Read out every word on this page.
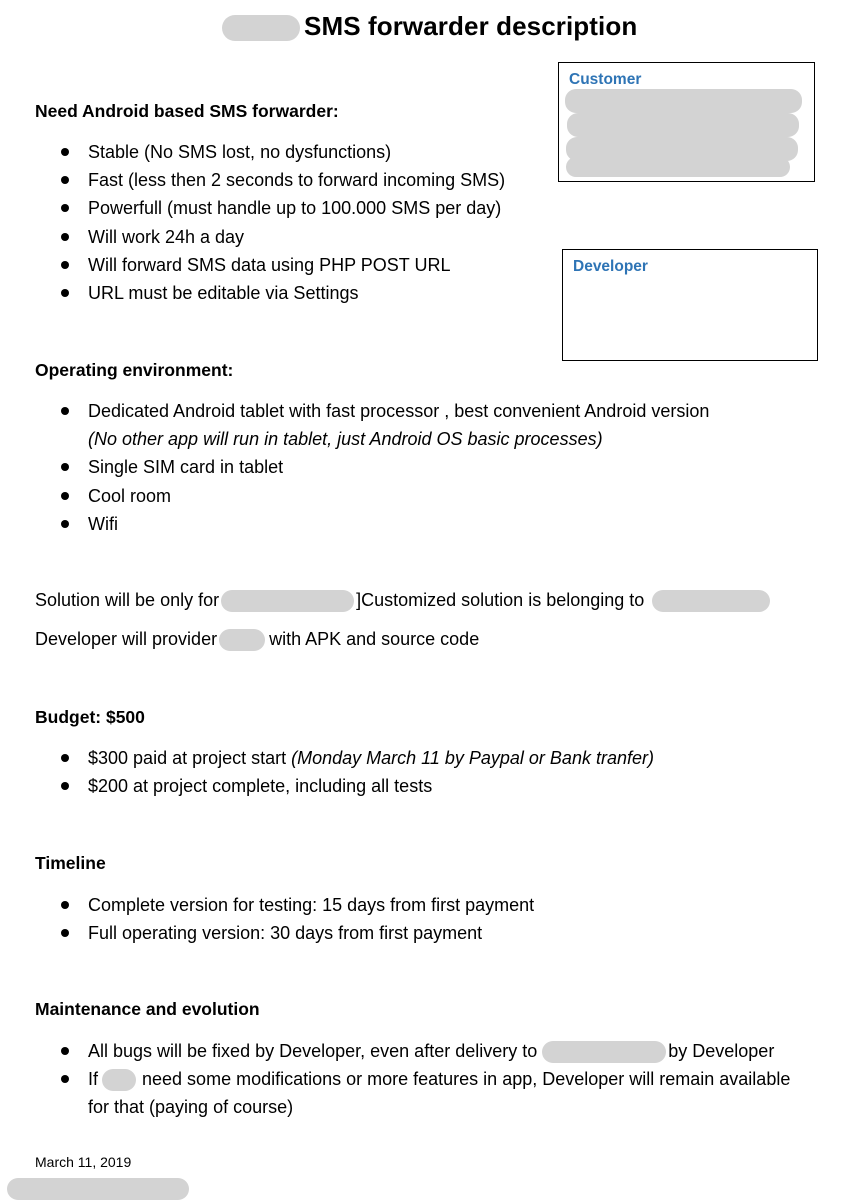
SMS forwarder description
Customer
Developer
Need Android based SMS forwarder:
Stable (No SMS lost, no dysfunctions)
Fast (less then 2 seconds to forward incoming SMS)
Powerfull (must handle up to 100.000 SMS per day)
Will work 24h a day
Will forward SMS data using PHP POST URL
URL must be editable via Settings
Operating environment:
Dedicated Android tablet with fast processor , best convenient Android version
(No other app will run in tablet, just Android OS basic processes)
Single SIM card in tablet
Cool room
Wifi
Solution will be only for	]Customized solution is belonging to
Developer will provider	with APK and source code
Budget: $500
$300 paid at project start (Monday March 11 by Paypal or Bank tranfer)
$200 at project complete, including all tests
Timeline
Complete version for testing: 15 days from first payment
Full operating version: 30 days from first payment
Maintenance and evolution
All bugs will be fixed by Developer, even after delivery to	by Developer
If need some modifications or more features in app, Developer will remain available
for that (paying of course)
March 11, 2019
